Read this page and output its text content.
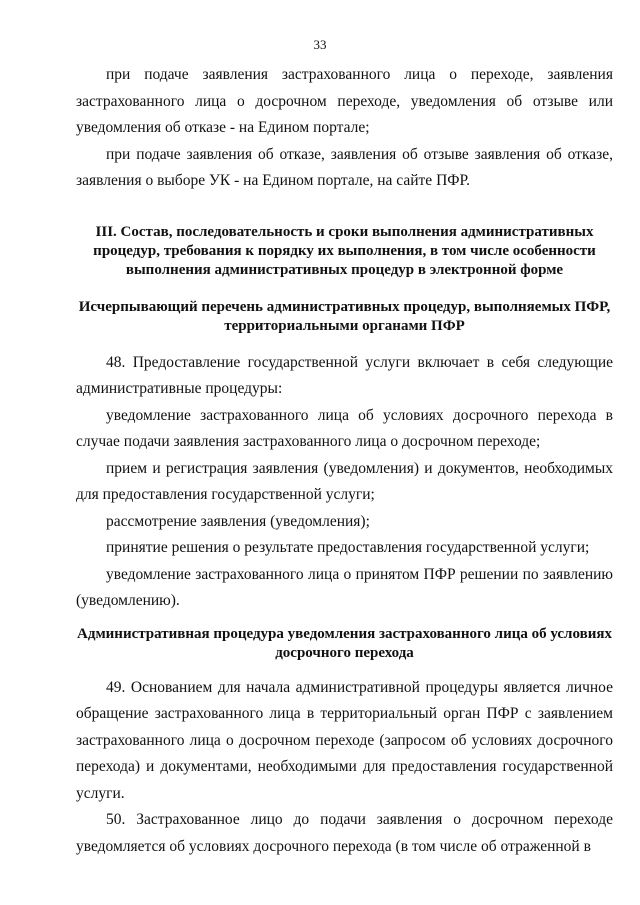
33

при подаче заявления застрахованного лица о переходе, заявления застрахованного лица о досрочном переходе, уведомления об отзыве или уведомления об отказе - на Едином портале;

при подаче заявления об отказе, заявления об отзыве заявления об отказе, заявления о выборе УК - на Едином портале, на сайте ПФР.

III. Состав, последовательность и сроки выполнения административных процедур, требования к порядку их выполнения, в том числе особенности выполнения административных процедур в электронной форме

Исчерпывающий перечень административных процедур, выполняемых ПФР, территориальными органами ПФР

48. Предоставление государственной услуги включает в себя следующие административные процедуры:

уведомление застрахованного лица об условиях досрочного перехода в случае подачи заявления застрахованного лица о досрочном переходе;

прием и регистрация заявления (уведомления) и документов, необходимых для предоставления государственной услуги;

рассмотрение заявления (уведомления);

принятие решения о результате предоставления государственной услуги;

уведомление застрахованного лица о принятом ПФР решении по заявлению (уведомлению).

Административная процедура уведомления застрахованного лица об условиях досрочного перехода

49. Основанием для начала административной процедуры является личное обращение застрахованного лица в территориальный орган ПФР с заявлением застрахованного лица о досрочном переходе (запросом об условиях досрочного перехода) и документами, необходимыми для предоставления государственной услуги.

50. Застрахованное лицо до подачи заявления о досрочном переходе уведомляется об условиях досрочного перехода (в том числе об отраженной в
